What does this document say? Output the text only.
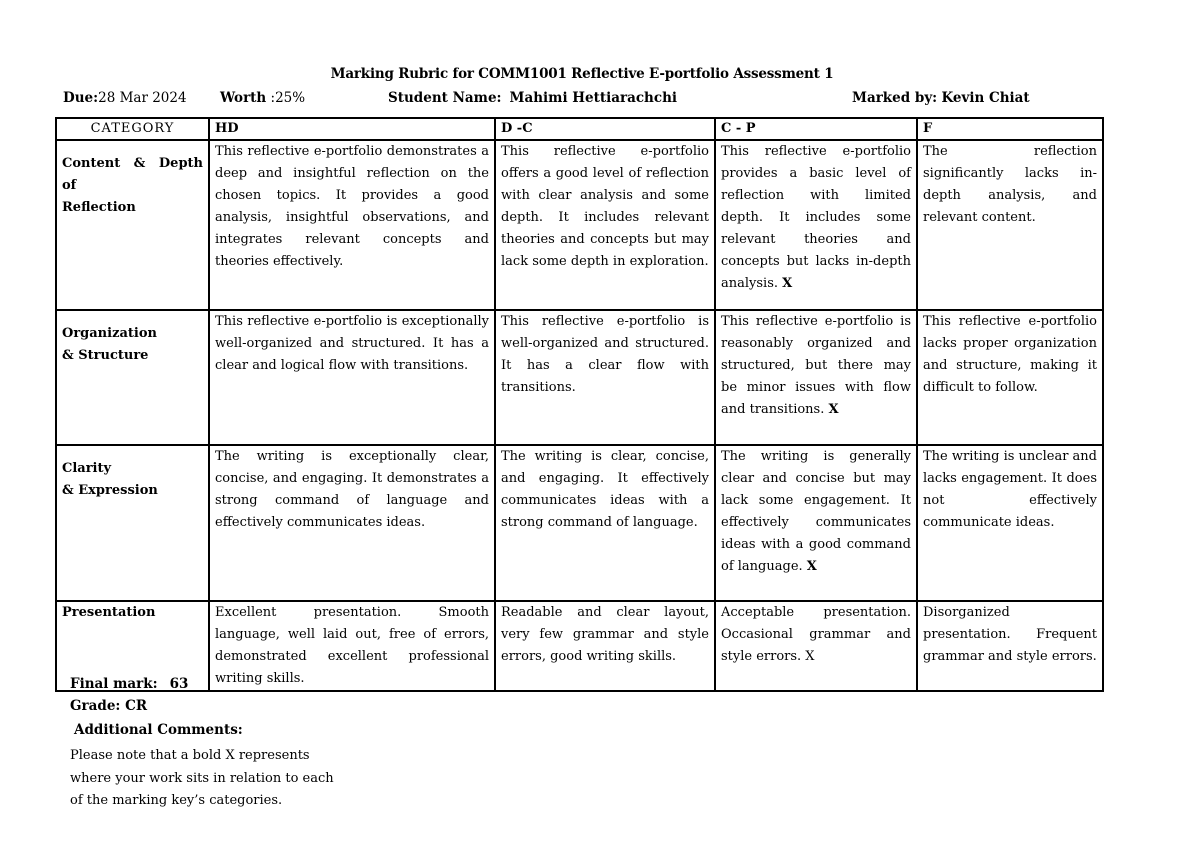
Marking Rubric for COMM1001 Reflective E-portfolio Assessment 1
Due:28 Mar 2024 Worth :25%	Student Name: Mahimi Hettiarachchi	Marked by: Kevin Chiat
CATEGORY	HD	D -C	C - P	F
Content & Depth of
Reflection	This reflective e-portfolio demonstrates a deep and insightful reflection on the chosen topics. It provides a good analysis, insightful observations, and integrates relevant concepts and theories effectively.	This reflective e-portfolio offers a good level of reflection with clear analysis and some depth. It includes relevant theories and concepts but may lack some depth in exploration.	This reflective e-portfolio provides a basic level of reflection with limited depth. It includes some relevant theories and concepts but lacks in-depth analysis. X	The reflection significantly lacks in-depth analysis, and relevant content.
Organization
& Structure	This reflective e-portfolio is exceptionally well-organized and structured. It has a clear and logical flow with transitions.	This reflective e-portfolio is well-organized and structured. It has a clear flow with transitions.	This reflective e-portfolio is reasonably organized and structured, but there may be minor issues with flow and transitions. X	This reflective e-portfolio lacks proper organization and structure, making it difficult to follow.
Clarity
& Expression	The writing is exceptionally clear, concise, and engaging. It demonstrates a strong command of language and effectively communicates ideas.	The writing is clear, concise, and engaging. It effectively communicates ideas with a strong command of language.	The writing is generally clear and concise but may lack some engagement. It effectively communicates ideas with a good command of language. X	The writing is unclear and lacks engagement. It does not effectively communicate ideas.
Presentation	Excellent presentation. Smooth language, well laid out, free of errors, demonstrated excellent professional writing skills.	Readable and clear layout, very few grammar and style errors, good writing skills.	Acceptable presentation. Occasional grammar and style errors. X	Disorganized presentation. Frequent grammar and style errors.
Final mark: 63
Grade: CR
Additional Comments:
Please note that a bold X represents
where your work sits in relation to each
of the marking key’s categories.
